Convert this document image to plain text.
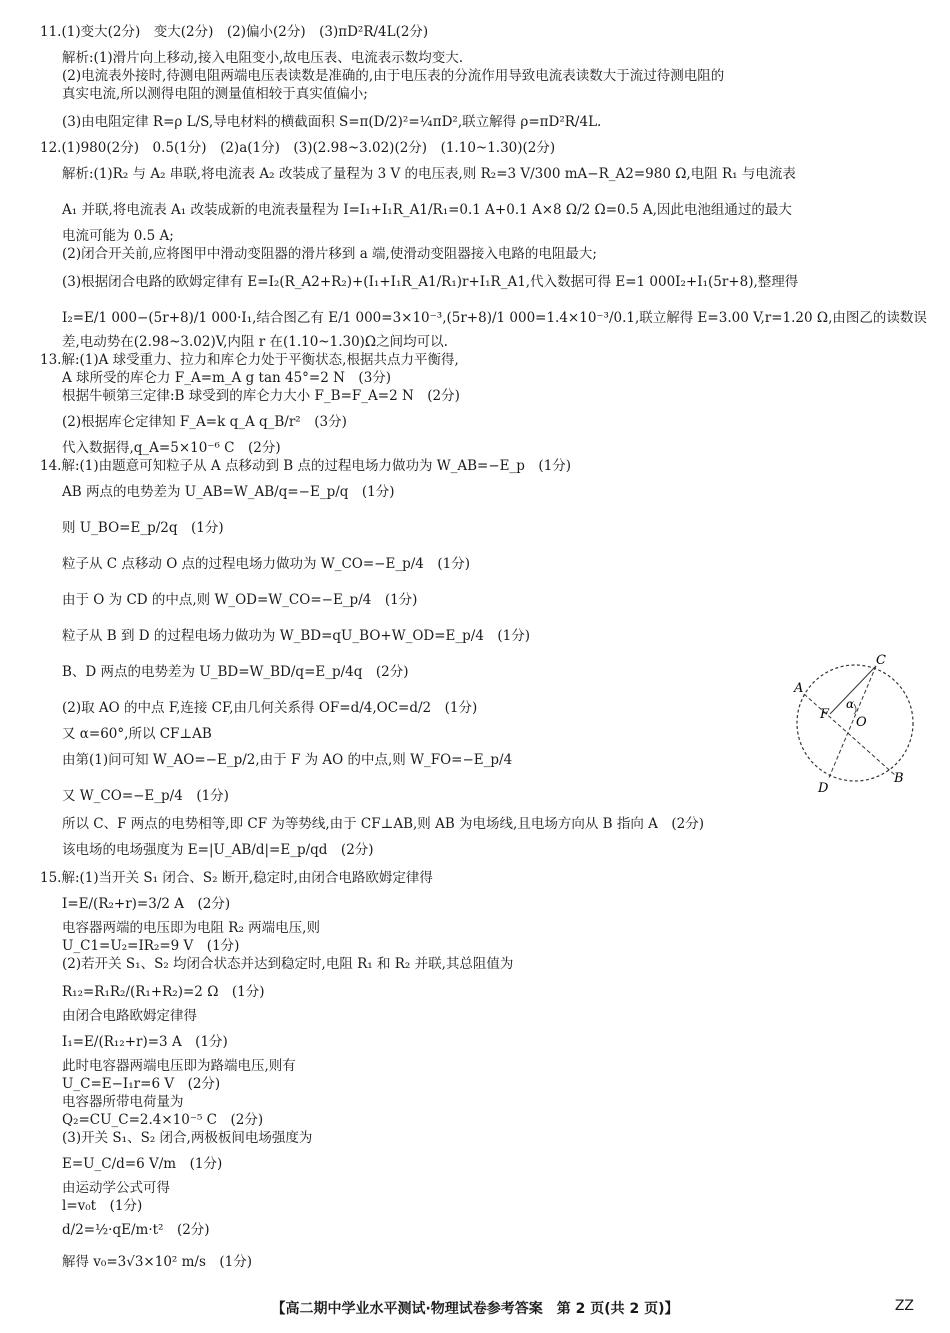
11.(1)变大(2分)　变大(2分)　(2)偏小(2分)　(3)πD²R/4L(2分)
解析:(1)滑片向上移动,接入电阻变小,故电压表、电流表示数均变大.
(2)电流表外接时,待测电阻两端电压表读数是准确的,由于电压表的分流作用导致电流表读数大于流过待测电阻的
真实电流,所以测得电阻的测量值相较于真实值偏小;
(3)由电阻定律 R=ρ L/S,导电材料的横截面积 S=π(D/2)²=¼πD²,联立解得 ρ=πD²R/4L.
12.(1)980(2分)　0.5(1分)　(2)a(1分)　(3)(2.98~3.02)(2分)　(1.10~1.30)(2分)
解析:(1)R₂ 与 A₂ 串联,将电流表 A₂ 改装成了量程为 3 V 的电压表,则 R₂=3 V/300 mA−R_A2=980 Ω,电阻 R₁ 与电流表
A₁ 并联,将电流表 A₁ 改装成新的电流表量程为 I=I₁+I₁R_A1/R₁=0.1 A+0.1 A×8 Ω/2 Ω=0.5 A,因此电池组通过的最大
电流可能为 0.5 A;
(2)闭合开关前,应将图甲中滑动变阻器的滑片移到 a 端,使滑动变阻器接入电路的电阻最大;
(3)根据闭合电路的欧姆定律有 E=I₂(R_A2+R₂)+(I₁+I₁R_A1/R₁)r+I₁R_A1,代入数据可得 E=1 000I₂+I₁(5r+8),整理得
I₂=E/1 000−(5r+8)/1 000·I₁,结合图乙有 E/1 000=3×10⁻³,(5r+8)/1 000=1.4×10⁻³/0.1,联立解得 E=3.00 V,r=1.20 Ω,由图乙的读数误
差,电动势在(2.98~3.02)V,内阻 r 在(1.10~1.30)Ω之间均可以.
13.解:(1)A 球受重力、拉力和库仑力处于平衡状态,根据共点力平衡得,
A 球所受的库仑力 F_A=m_A g tan 45°=2 N　(3分)
根据牛顿第三定律:B 球受到的库仑力大小 F_B=F_A=2 N　(2分)
(2)根据库仑定律知 F_A=k q_A q_B/r²　(3分)
代入数据得,q_A=5×10⁻⁶ C　(2分)
14.解:(1)由题意可知粒子从 A 点移动到 B 点的过程电场力做功为 W_AB=−E_p　(1分)
AB 两点的电势差为 U_AB=W_AB/q=−E_p/q　(1分)
则 U_BO=E_p/2q　(1分)
粒子从 C 点移动 O 点的过程电场力做功为 W_CO=−E_p/4　(1分)
由于 O 为 CD 的中点,则 W_OD=W_CO=−E_p/4　(1分)
粒子从 B 到 D 的过程电场力做功为 W_BD=qU_BO+W_OD=E_p/4　(1分)
B、D 两点的电势差为 U_BD=W_BD/q=E_p/4q　(2分)
(2)取 AO 的中点 F,连接 CF,由几何关系得 OF=d/4,OC=d/2　(1分)
又 α=60°,所以 CF⊥AB
由第(1)问可知 W_AO=−E_p/2,由于 F 为 AO 的中点,则 W_FO=−E_p/4
又 W_CO=−E_p/4　(1分)
所以 C、F 两点的电势相等,即 CF 为等势线,由于 CF⊥AB,则 AB 为电场线,且电场方向从 B 指向 A　(2分)
该电场的电场强度为 E=|U_AB/d|=E_p/qd　(2分)
15.解:(1)当开关 S₁ 闭合、S₂ 断开,稳定时,由闭合电路欧姆定律得
I=E/(R₂+r)=3/2 A　(2分)
电容器两端的电压即为电阻 R₂ 两端电压,则
U_C1=U₂=IR₂=9 V　(1分)
(2)若开关 S₁、S₂ 均闭合状态并达到稳定时,电阻 R₁ 和 R₂ 并联,其总阻值为
R₁₂=R₁R₂/(R₁+R₂)=2 Ω　(1分)
由闭合电路欧姆定律得
I₁=E/(R₁₂+r)=3 A　(1分)
此时电容器两端电压即为路端电压,则有
U_C=E−I₁r=6 V　(2分)
电容器所带电荷量为
Q₂=CU_C=2.4×10⁻⁵ C　(2分)
(3)开关 S₁、S₂ 闭合,两极板间电场强度为
E=U_C/d=6 V/m　(1分)
由运动学公式可得
l=v₀t　(1分)
d/2=½·qE/m·t²　(2分)
解得 v₀=3√3×10² m/s　(1分)
A
C
F
α
O
D
B
【高二期中学业水平测试·物理试卷参考答案　第 2 页(共 2 页)】	ZZ
